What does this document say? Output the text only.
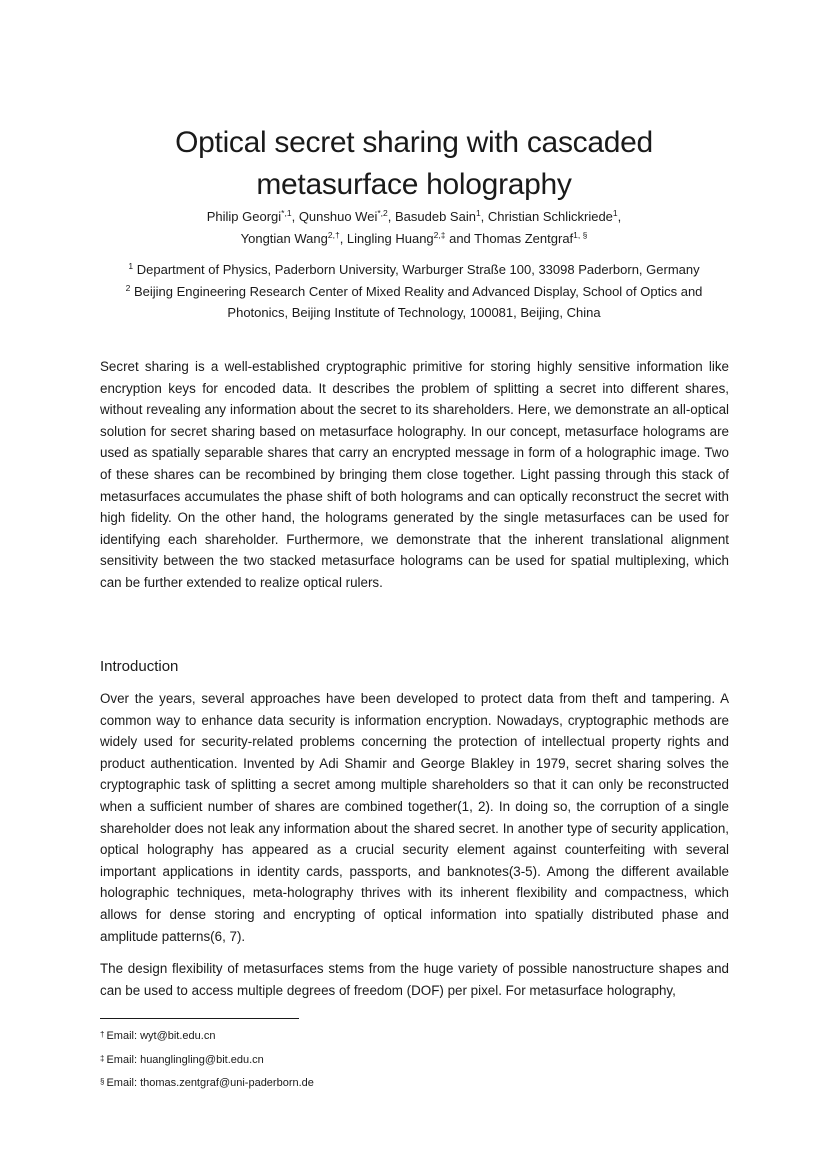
Optical secret sharing with cascaded
metasurface holography
Philip Georgi$^{*,1}$, Qunshuo Wei$^{*,2}$, Basudeb Sain$^1$, Christian Schlickriede$^1$,
Yongtian Wang$^{2,\dagger}$, Lingling Huang$^{2,\ddagger}$ and Thomas Zentgraf$^{1, \S}$
$^1$ Department of Physics, Paderborn University, Warburger Straße 100, 33098 Paderborn, Germany
$^2$ Beijing Engineering Research Center of Mixed Reality and Advanced Display, School of Optics and
Photonics, Beijing Institute of Technology, 100081, Beijing, China

Secret sharing is a well-established cryptographic primitive for storing highly sensitive information like encryption keys for encoded data. It describes the problem of splitting a secret into different shares, without revealing any information about the secret to its shareholders. Here, we demonstrate an all-optical solution for secret sharing based on metasurface holography. In our concept, metasurface holograms are used as spatially separable shares that carry an encrypted message in form of a holographic image. Two of these shares can be recombined by bringing them close together. Light passing through this stack of metasurfaces accumulates the phase shift of both holograms and can optically reconstruct the secret with high fidelity. On the other hand, the holograms generated by the single metasurfaces can be used for identifying each shareholder. Furthermore, we demonstrate that the inherent translational alignment sensitivity between the two stacked metasurface holograms can be used for spatial multiplexing, which can be further extended to realize optical rulers.

Introduction

Over the years, several approaches have been developed to protect data from theft and tampering. A common way to enhance data security is information encryption. Nowadays, cryptographic methods are widely used for security-related problems concerning the protection of intellectual property rights and product authentication. Invented by Adi Shamir and George Blakley in 1979, secret sharing solves the cryptographic task of splitting a secret among multiple shareholders so that it can only be reconstructed when a sufficient number of shares are combined together(1, 2). In doing so, the corruption of a single shareholder does not leak any information about the shared secret. In another type of security application, optical holography has appeared as a crucial security element against counterfeiting with several important applications in identity cards, passports, and banknotes(3-5). Among the different available holographic techniques, meta-holography thrives with its inherent flexibility and compactness, which allows for dense storing and encrypting of optical information into spatially distributed phase and amplitude patterns(6, 7).

The design flexibility of metasurfaces stems from the huge variety of possible nanostructure shapes and can be used to access multiple degrees of freedom (DOF) per pixel. For metasurface holography,

† Email: wyt@bit.edu.cn
‡ Email: huanglingling@bit.edu.cn
§ Email: thomas.zentgraf@uni-paderborn.de
